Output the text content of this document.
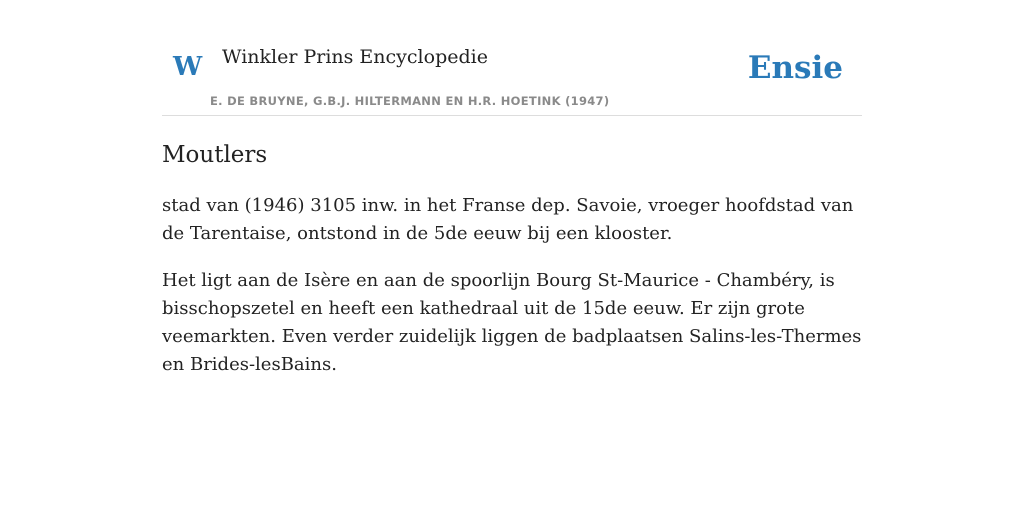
W Winkler Prins Encyclopedie
E. DE BRUYNE, G.B.J. HILTERMANN EN H.R. HOETINK (1947)
Ensie
Moutlers

stad van (1946) 3105 inw. in het Franse dep. Savoie, vroeger hoofdstad van de Tarentaise, ontstond in de 5de eeuw bij een klooster.

Het ligt aan de Isère en aan de spoorlijn Bourg St-Maurice - Chambéry, is bisschopszetel en heeft een kathedraal uit de 15de eeuw. Er zijn grote veemarkten. Even verder zuidelijk liggen de badplaatsen Salins-les-Thermes en Brides-lesBains.
